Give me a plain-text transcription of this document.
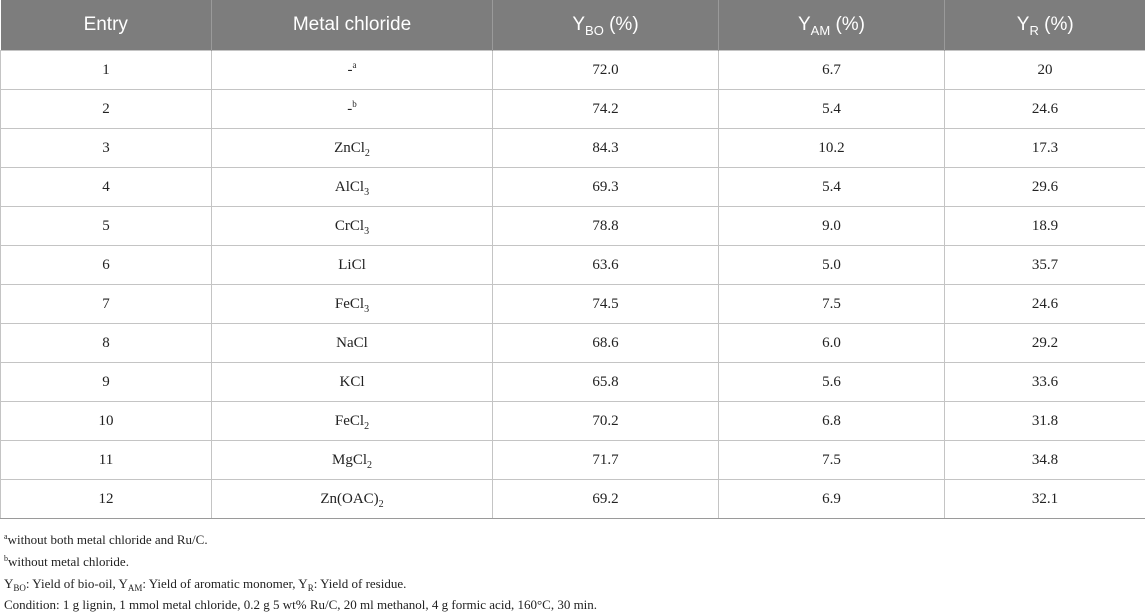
Entry	Metal chloride	$Y_{BO}$ (%)	$Y_{AM}$ (%)	$Y_R$ (%)
1	-$^a$	72.0	6.7	20
2	-$^b$	74.2	5.4	24.6
3	ZnCl$_2$	84.3	10.2	17.3
4	AlCl$_3$	69.3	5.4	29.6
5	CrCl$_3$	78.8	9.0	18.9
6	LiCl	63.6	5.0	35.7
7	FeCl$_3$	74.5	7.5	24.6
8	NaCl	68.6	6.0	29.2
9	KCl	65.8	5.6	33.6
10	FeCl$_2$	70.2	6.8	31.8
11	MgCl$_2$	71.7	7.5	34.8
12	$Zn(OAC)_2$	69.2	6.9	32.1
$^a$without both metal chloride and Ru/C.
$^b$without metal chloride.
$Y_{BO}$: Yield of bio-oil, $Y_{AM}$: Yield of aromatic monomer, $Y_R$: Yield of residue.
Condition: 1 g lignin, 1 mmol metal chloride, 0.2 g 5 wt% Ru/C, 20 ml methanol, 4 g formic acid, 160°C, 30 min.
